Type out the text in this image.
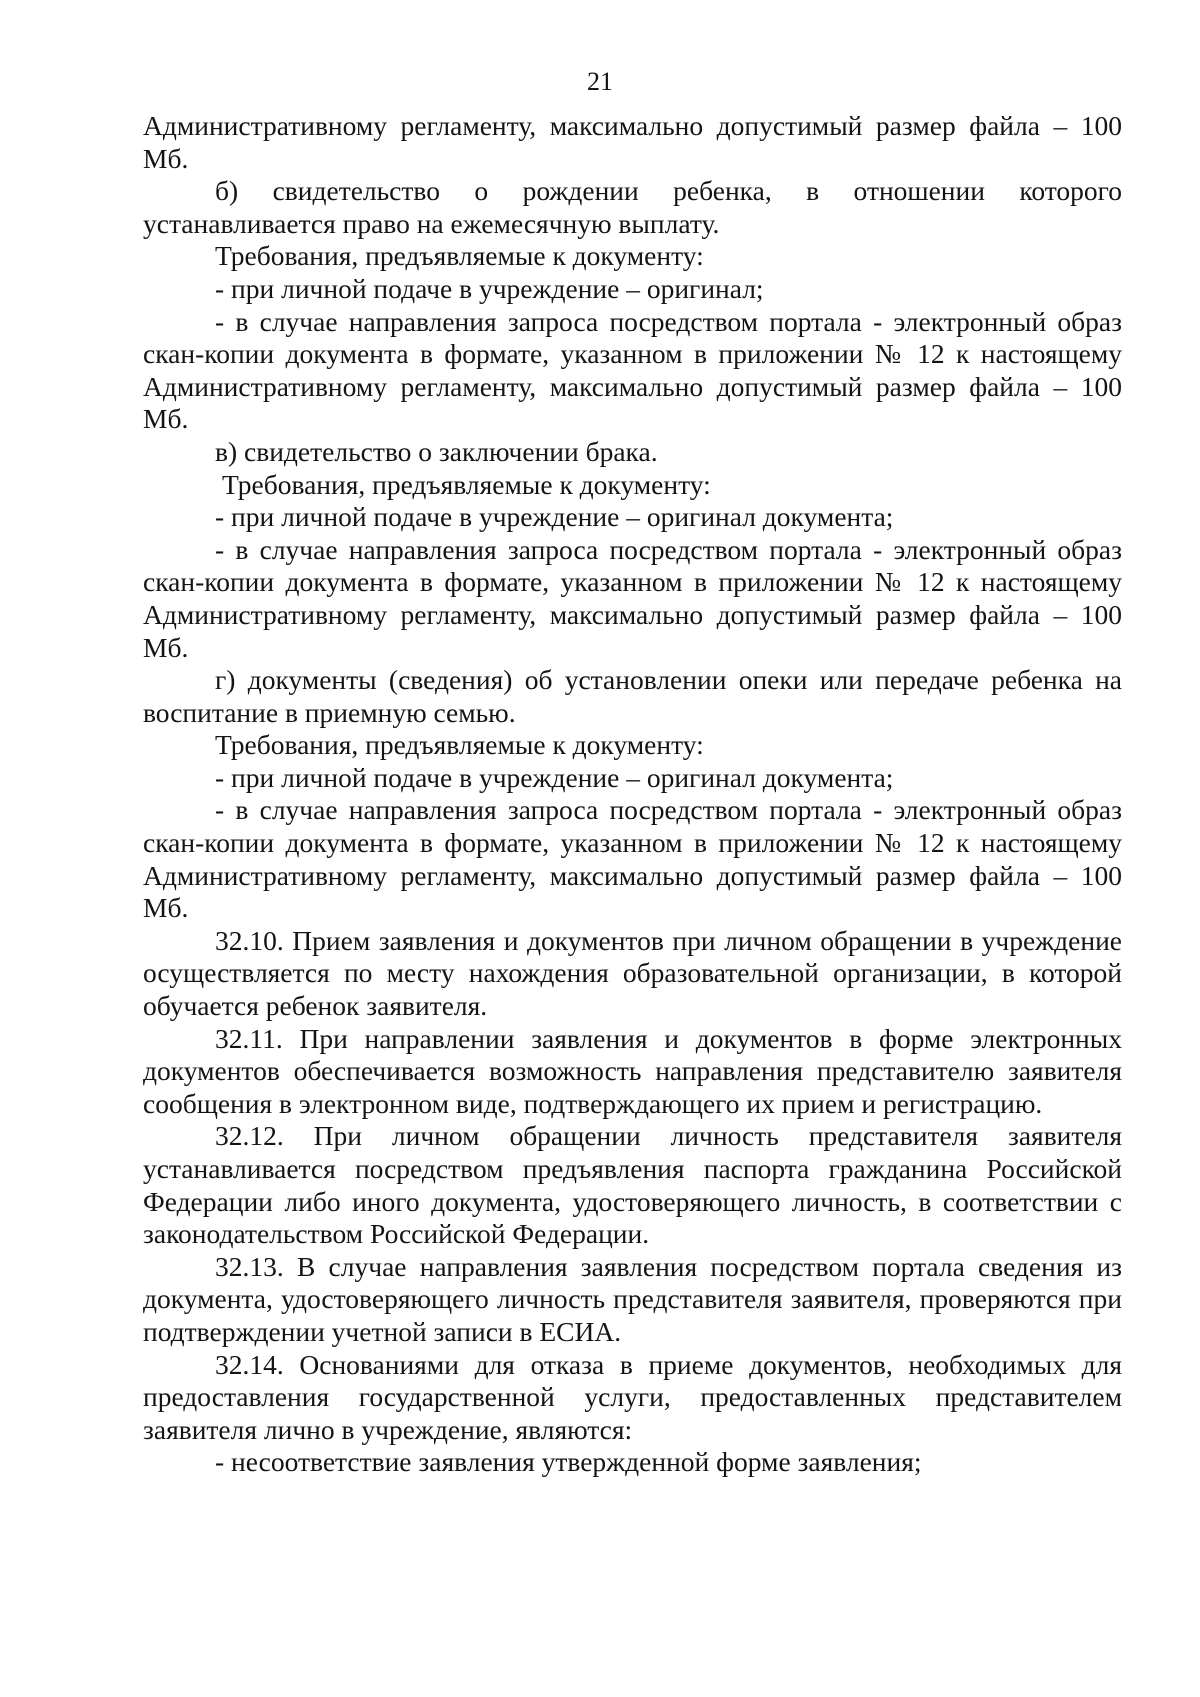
21

Административному регламенту, максимально допустимый размер файла – 100 Мб.

б) свидетельство о рождении ребенка, в отношении которого устанавливается право на ежемесячную выплату.

Требования, предъявляемые к документу:

- при личной подаче в учреждение – оригинал;

- в случае направления запроса посредством портала - электронный образ скан-копии документа в формате, указанном в приложении № 12 к настоящему Административному регламенту, максимально допустимый размер файла – 100 Мб.

в) свидетельство о заключении брака.

Требования, предъявляемые к документу:

- при личной подаче в учреждение – оригинал документа;

- в случае направления запроса посредством портала - электронный образ скан-копии документа в формате, указанном в приложении № 12 к настоящему Административному регламенту, максимально допустимый размер файла – 100 Мб.

г) документы (сведения) об установлении опеки или передаче ребенка на воспитание в приемную семью.

Требования, предъявляемые к документу:

- при личной подаче в учреждение – оригинал документа;

- в случае направления запроса посредством портала - электронный образ скан-копии документа в формате, указанном в приложении № 12 к настоящему Административному регламенту, максимально допустимый размер файла – 100 Мб.

32.10. Прием заявления и документов при личном обращении в учреждение осуществляется по месту нахождения образовательной организации, в которой обучается ребенок заявителя.

32.11. При направлении заявления и документов в форме электронных документов обеспечивается возможность направления представителю заявителя сообщения в электронном виде, подтверждающего их прием и регистрацию.

32.12. При личном обращении личность представителя заявителя устанавливается посредством предъявления паспорта гражданина Российской Федерации либо иного документа, удостоверяющего личность, в соответствии с законодательством Российской Федерации.

32.13. В случае направления заявления посредством портала сведения из документа, удостоверяющего личность представителя заявителя, проверяются при подтверждении учетной записи в ЕСИА.

32.14. Основаниями для отказа в приеме документов, необходимых для предоставления государственной услуги, предоставленных представителем заявителя лично в учреждение, являются:

- несоответствие заявления утвержденной форме заявления;
